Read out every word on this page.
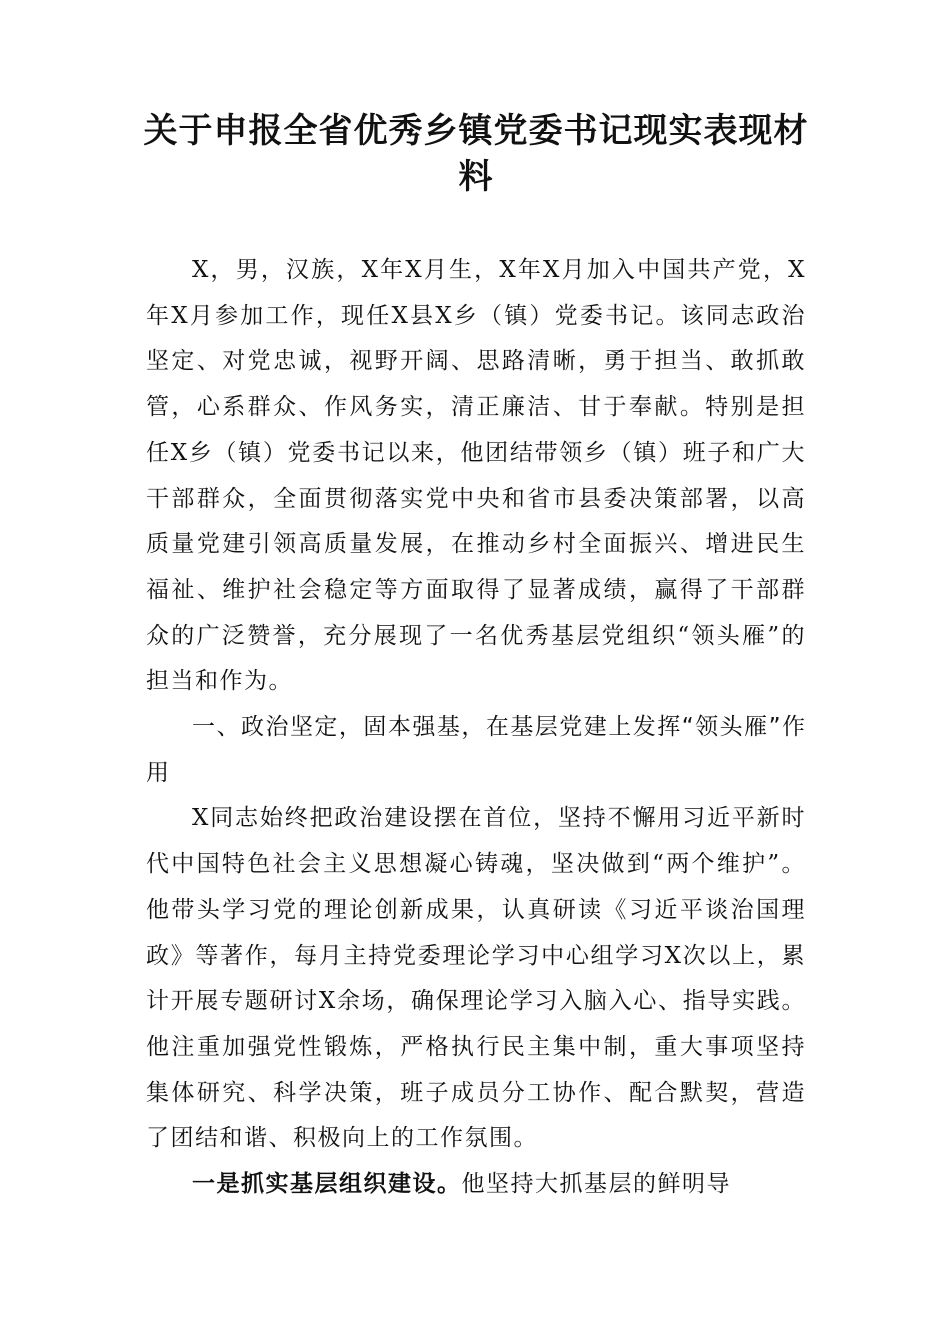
关于申报全省优秀乡镇党委书记现实表现材料

X，男，汉族，X年X月生，X年X月加入中国共产党，X年X月参加工作，现任X县X乡（镇）党委书记。该同志政治坚定、对党忠诚，视野开阔、思路清晰，勇于担当、敢抓敢管，心系群众、作风务实，清正廉洁、甘于奉献。特别是担任X乡（镇）党委书记以来，他团结带领乡（镇）班子和广大干部群众，全面贯彻落实党中央和省市县委决策部署，以高质量党建引领高质量发展，在推动乡村全面振兴、增进民生福祉、维护社会稳定等方面取得了显著成绩，赢得了干部群众的广泛赞誉，充分展现了一名优秀基层党组织“领头雁”的担当和作为。

一、政治坚定，固本强基，在基层党建上发挥“领头雁”作用

X同志始终把政治建设摆在首位，坚持不懈用习近平新时代中国特色社会主义思想凝心铸魂，坚决做到“两个维护”。他带头学习党的理论创新成果，认真研读《习近平谈治国理政》等著作，每月主持党委理论学习中心组学习X次以上，累计开展专题研讨X余场，确保理论学习入脑入心、指导实践。他注重加强党性锻炼，严格执行民主集中制，重大事项坚持集体研究、科学决策，班子成员分工协作、配合默契，营造了团结和谐、积极向上的工作氛围。

一是抓实基层组织建设。他坚持大抓基层的鲜明导
